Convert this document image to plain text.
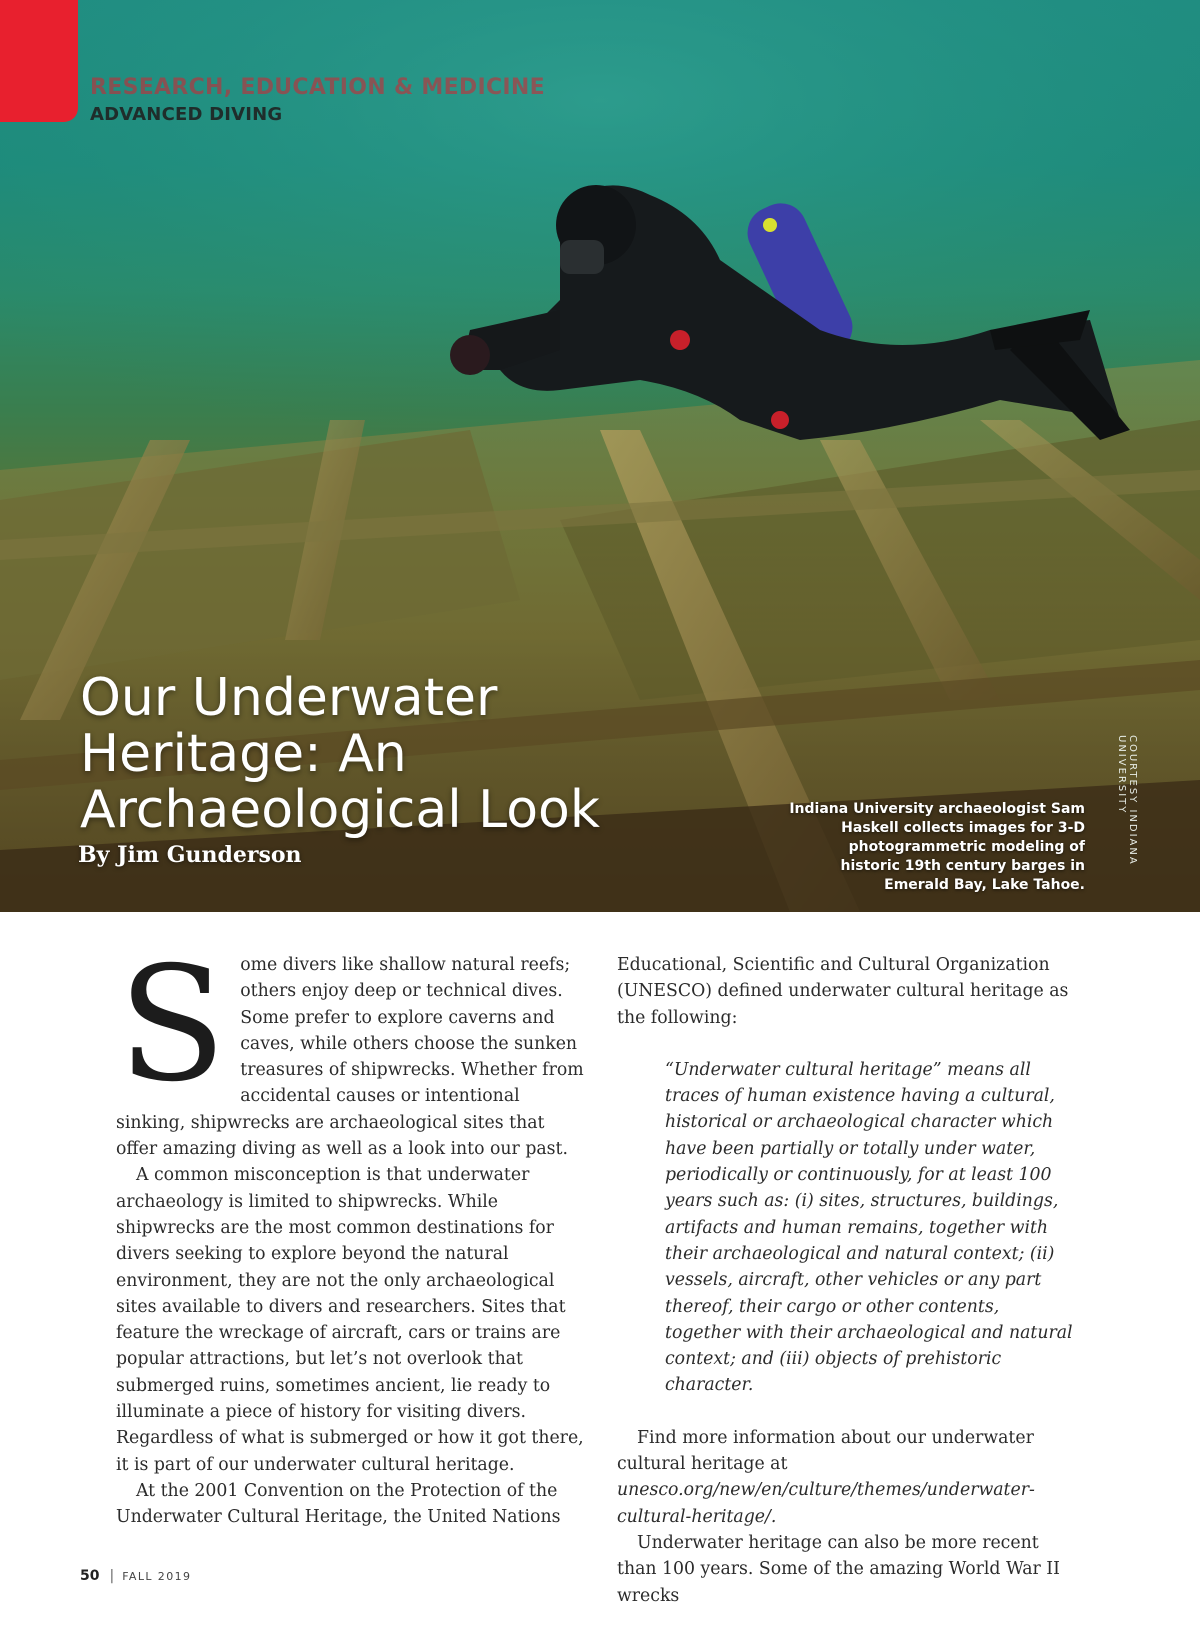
RESEARCH, EDUCATION & MEDICINE
ADVANCED DIVING
Our Underwater Heritage: An Archaeological Look
By Jim Gunderson
Indiana University archaeologist Sam Haskell collects images for 3-D photogrammetric modeling of historic 19th century barges in Emerald Bay, Lake Tahoe.
COURTESY INDIANA UNIVERSITY

Some divers like shallow natural reefs; others enjoy deep or technical dives. Some prefer to explore caverns and caves, while others choose the sunken treasures of shipwrecks. Whether from accidental causes or intentional sinking, shipwrecks are archaeological sites that offer amazing diving as well as a look into our past.

A common misconception is that underwater archaeology is limited to shipwrecks. While shipwrecks are the most common destinations for divers seeking to explore beyond the natural environment, they are not the only archaeological sites available to divers and researchers. Sites that feature the wreckage of aircraft, cars or trains are popular attractions, but let’s not overlook that submerged ruins, sometimes ancient, lie ready to illuminate a piece of history for visiting divers. Regardless of what is submerged or how it got there, it is part of our underwater cultural heritage.

At the 2001 Convention on the Protection of the Underwater Cultural Heritage, the United Nations

Educational, Scientific and Cultural Organization (UNESCO) defined underwater cultural heritage as the following:

“Underwater cultural heritage” means all traces of human existence having a cultural, historical or archaeological character which have been partially or totally under water, periodically or continuously, for at least 100 years such as: (i) sites, structures, buildings, artifacts and human remains, together with their archaeological and natural context; (ii) vessels, aircraft, other vehicles or any part thereof, their cargo or other contents, together with their archaeological and natural context; and (iii) objects of prehistoric character.

Find more information about our underwater cultural heritage at unesco.org/new/en/culture/themes/underwater-cultural-heritage/.

Underwater heritage can also be more recent than 100 years. Some of the amazing World War II wrecks

50 | FALL 2019
